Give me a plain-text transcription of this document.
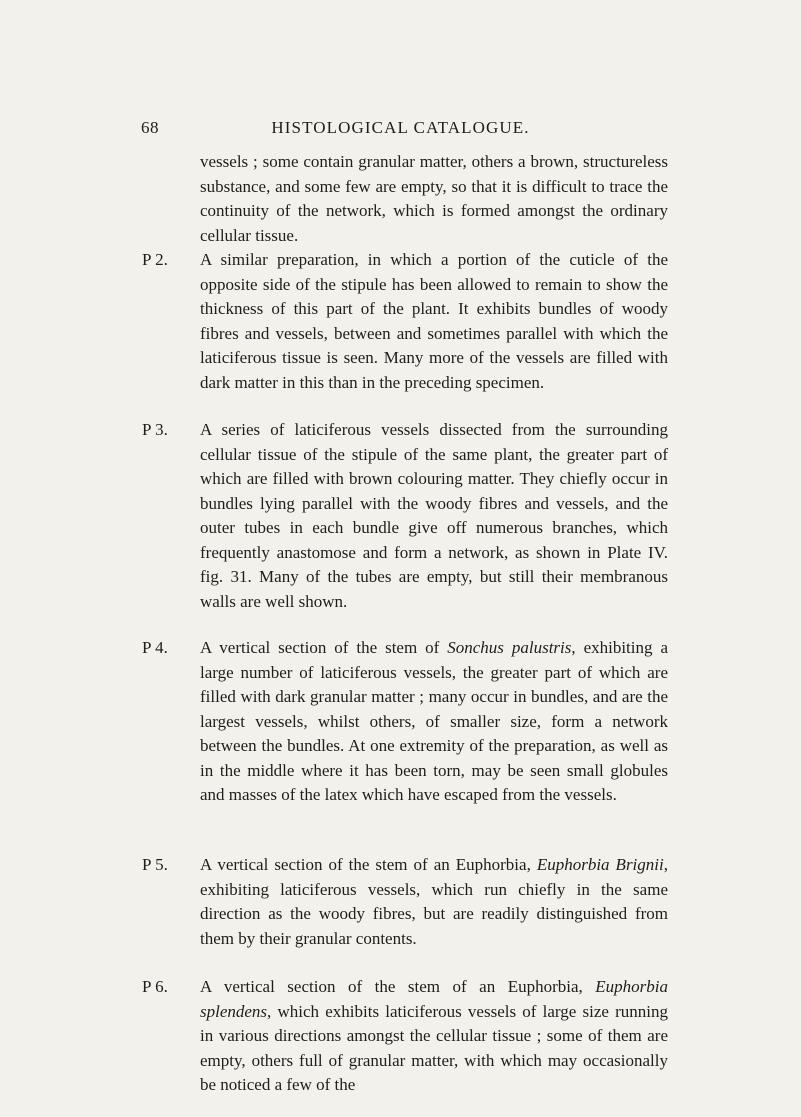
68	HISTOLOGICAL CATALOGUE.

vessels ; some contain granular matter, others a brown, structureless substance, and some few are empty, so that it is difficult to trace the continuity of the network, which is formed amongst the ordinary cellular tissue.

P 2. A similar preparation, in which a portion of the cuticle of the opposite side of the stipule has been allowed to remain to show the thickness of this part of the plant. It exhibits bundles of woody fibres and vessels, between and sometimes parallel with which the laticiferous tissue is seen. Many more of the vessels are filled with dark matter in this than in the preceding specimen.
P 3. A series of laticiferous vessels dissected from the surrounding cellular tissue of the stipule of the same plant, the greater part of which are filled with brown colouring matter. They chiefly occur in bundles lying parallel with the woody fibres and vessels, and the outer tubes in each bundle give off numerous branches, which frequently anastomose and form a network, as shown in Plate IV. fig. 31. Many of the tubes are empty, but still their membranous walls are well shown.
P 4. A vertical section of the stem of Sonchus palustris, exhibiting a large number of laticiferous vessels, the greater part of which are filled with dark granular matter ; many occur in bundles, and are the largest vessels, whilst others, of smaller size, form a network between the bundles. At one extremity of the preparation, as well as in the middle where it has been torn, may be seen small globules and masses of the latex which have escaped from the vessels.
P 5. A vertical section of the stem of an Euphorbia, Euphorbia Brignii, exhibiting laticiferous vessels, which run chiefly in the same direction as the woody fibres, but are readily distinguished from them by their granular contents.
P 6. A vertical section of the stem of an Euphorbia, Euphorbia splendens, which exhibits laticiferous vessels of large size running in various directions amongst the cellular tissue ; some of them are empty, others full of granular matter, with which may occasionally be noticed a few of the
